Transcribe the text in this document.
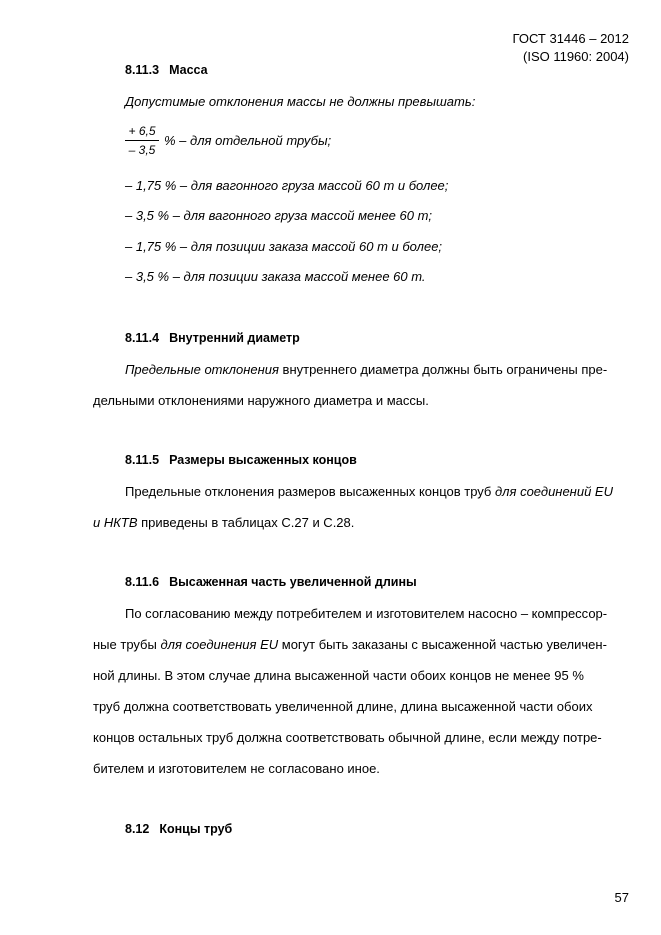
ГОСТ 31446 – 2012
(ISO 11960: 2004)
8.11.3 Масса
Допустимые отклонения массы не должны превышать:
+ 6,5
– 3,5
% – для отдельной трубы;
– 1,75 % – для вагонного груза массой 60 т и более;
– 3,5 % – для вагонного груза массой менее 60 т;
– 1,75 % – для позиции заказа массой 60 т и более;
– 3,5 % – для позиции заказа массой менее 60 т.
8.11.4 Внутренний диаметр
Предельные отклонения внутреннего диаметра должны быть ограничены пре-
дельными отклонениями наружного диаметра и массы.
8.11.5 Размеры высаженных концов
Предельные отклонения размеров высаженных концов труб для соединений EU
и НКТВ приведены в таблицах С.27 и С.28.
8.11.6 Высаженная часть увеличенной длины
По согласованию между потребителем и изготовителем насосно – компрессор-
ные трубы для соединения EU могут быть заказаны с высаженной частью увеличен-
ной длины. В этом случае длина высаженной части обоих концов не менее 95 %
труб должна соответствовать увеличенной длине, длина высаженной части обоих
концов остальных труб должна соответствовать обычной длине, если между потре-
бителем и изготовителем не согласовано иное.
8.12 Концы труб
57
